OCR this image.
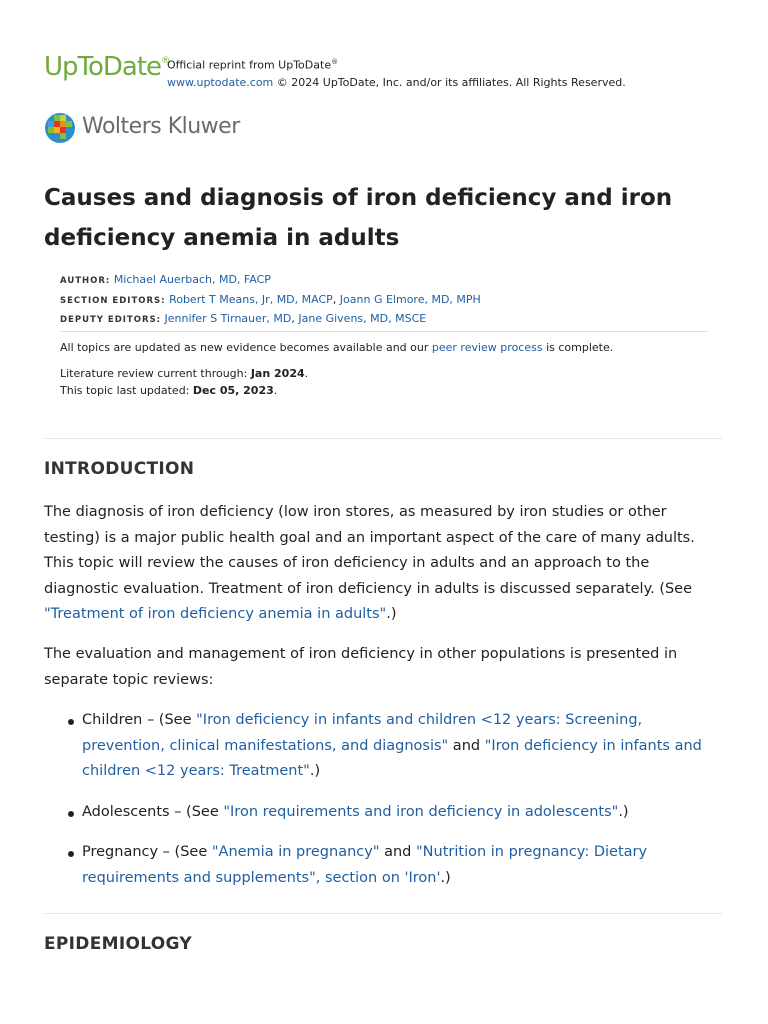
UpToDate®
Official reprint from UpToDate®
www.uptodate.com © 2024 UpToDate, Inc. and/or its affiliates. All Rights Reserved.
Wolters Kluwer
Causes and diagnosis of iron deficiency and iron deficiency anemia in adults
AUTHOR: Michael Auerbach, MD, FACP
SECTION EDITORS: Robert T Means, Jr, MD, MACP, Joann G Elmore, MD, MPH
DEPUTY EDITORS: Jennifer S Tirnauer, MD, Jane Givens, MD, MSCE
All topics are updated as new evidence becomes available and our peer review process is complete.
Literature review current through: Jan 2024.
This topic last updated: Dec 05, 2023.
INTRODUCTION

The diagnosis of iron deficiency (low iron stores, as measured by iron studies or other testing) is a major public health goal and an important aspect of the care of many adults. This topic will review the causes of iron deficiency in adults and an approach to the diagnostic evaluation. Treatment of iron deficiency in adults is discussed separately. (See "Treatment of iron deficiency anemia in adults".)

The evaluation and management of iron deficiency in other populations is presented in separate topic reviews:

Children – (See "Iron deficiency in infants and children <12 years: Screening, prevention, clinical manifestations, and diagnosis" and "Iron deficiency in infants and children <12 years: Treatment".)
Adolescents – (See "Iron requirements and iron deficiency in adolescents".)
Pregnancy – (See "Anemia in pregnancy" and "Nutrition in pregnancy: Dietary requirements and supplements", section on 'Iron'.)
EPIDEMIOLOGY
